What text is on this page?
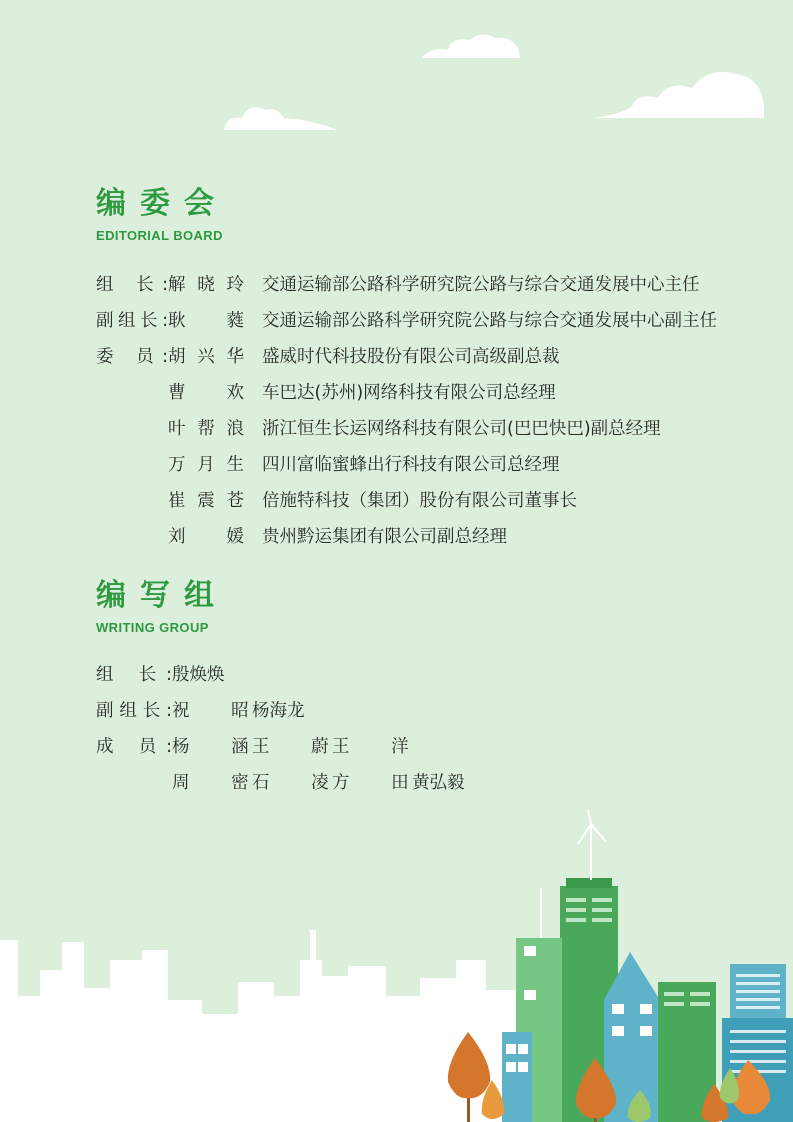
编委会
EDITORIAL BOARD
组 长: 解晓玲 交通运输部公路科学研究院公路与综合交通发展中心主任
副组长: 耿 蕤 交通运输部公路科学研究院公路与综合交通发展中心副主任
委 员: 胡兴华 盛威时代科技股份有限公司高级副总裁
曹 欢 车巴达(苏州)网络科技有限公司总经理
叶帮浪 浙江恒生长运网络科技有限公司(巴巴快巴)副总经理
万月生 四川富临蜜蜂出行科技有限公司总经理
崔震苍 倍施特科技（集团）股份有限公司董事长
刘 媛 贵州黔运集团有限公司副总经理
编写组
WRITING GROUP
组 长: 殷焕焕
副组长: 祝 昭
杨海龙
成 员: 杨 涵
王 蔚
王 洋
周 密
石 凌
方 田
黄弘毅
